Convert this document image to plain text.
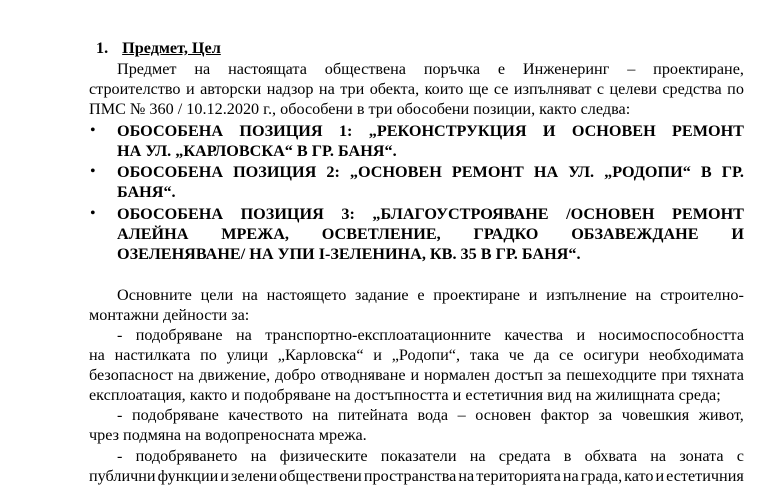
1. Предмет, Цел
Предмет на настоящата обществена поръчка е Инженеринг – проектиране,
строителство и авторски надзор на три обекта, които ще се изпълняват с целеви средства по
ПМС № 360 / 10.12.2020 г., обособени в три обособени позиции, както следва:
• ОБОСОБЕНА ПОЗИЦИЯ 1: „РЕКОНСТРУКЦИЯ И ОСНОВЕН РЕМОНТ
НА УЛ. „КАРЛОВСКА“ В ГР. БАНЯ“.
• ОБОСОБЕНА ПОЗИЦИЯ 2: „ОСНОВЕН РЕМОНТ НА УЛ. „РОДОПИ“ В ГР.
БАНЯ“.
• ОБОСОБЕНА ПОЗИЦИЯ 3: „БЛАГОУСТРОЯВАНЕ /ОСНОВЕН РЕМОНТ
АЛЕЙНА МРЕЖА, ОСВЕТЛЕНИЕ, ГРАДКО ОБЗАВЕЖДАНЕ И
ОЗЕЛЕНЯВАНЕ/ НА УПИ I-ЗЕЛЕНИНА, КВ. 35 В ГР. БАНЯ“.
Основните цели на настоящето задание е проектиране и изпълнение на строително-
монтажни дейности за:
- подобряване на транспортно-експлоатационните качества и носимоспособността
на настилката по улици „Карловска“ и „Родопи“, така че да се осигури необходимата
безопасност на движение, добро отводняване и нормален достъп за пешеходците при тяхната
експлоатация, както и подобряване на достъпността и естетичния вид на жилищната среда;
- подобряване качеството на питейната вода – основен фактор за човешкия живот,
чрез подмяна на водопреносната мрежа.
- подобряването на физическите показатели на средата в обхвата на зоната с
публични функции и зелени обществени пространства на територията на града, като и естетичния
